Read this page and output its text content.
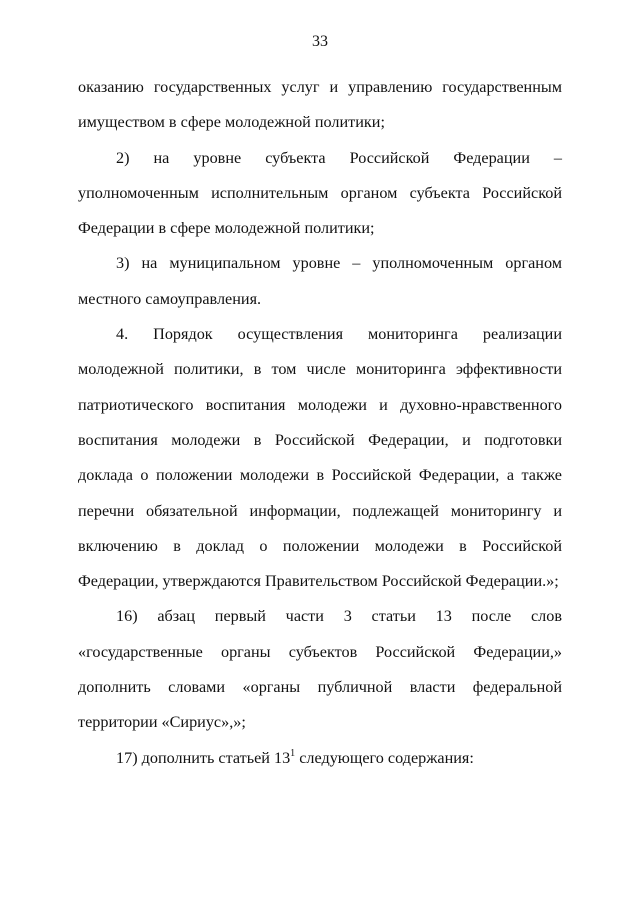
33

оказанию государственных услуг и управлению государственным имуществом в сфере молодежной политики;

2) на уровне субъекта Российской Федерации – уполномоченным исполнительным органом субъекта Российской Федерации в сфере молодежной политики;

3) на муниципальном уровне – уполномоченным органом местного самоуправления.

4. Порядок осуществления мониторинга реализации молодежной политики, в том числе мониторинга эффективности патриотического воспитания молодежи и духовно-нравственного воспитания молодежи в Российской Федерации, и подготовки доклада о положении молодежи в Российской Федерации, а также перечни обязательной информации, подлежащей мониторингу и включению в доклад о положении молодежи в Российской Федерации, утверждаются Правительством Российской Федерации.»;

16) абзац первый части 3 статьи 13 после слов «государственные органы субъектов Российской Федерации,» дополнить словами «органы публичной власти федеральной территории «Сириус»,»;

17) дополнить статьей $13^1$ следующего содержания:
